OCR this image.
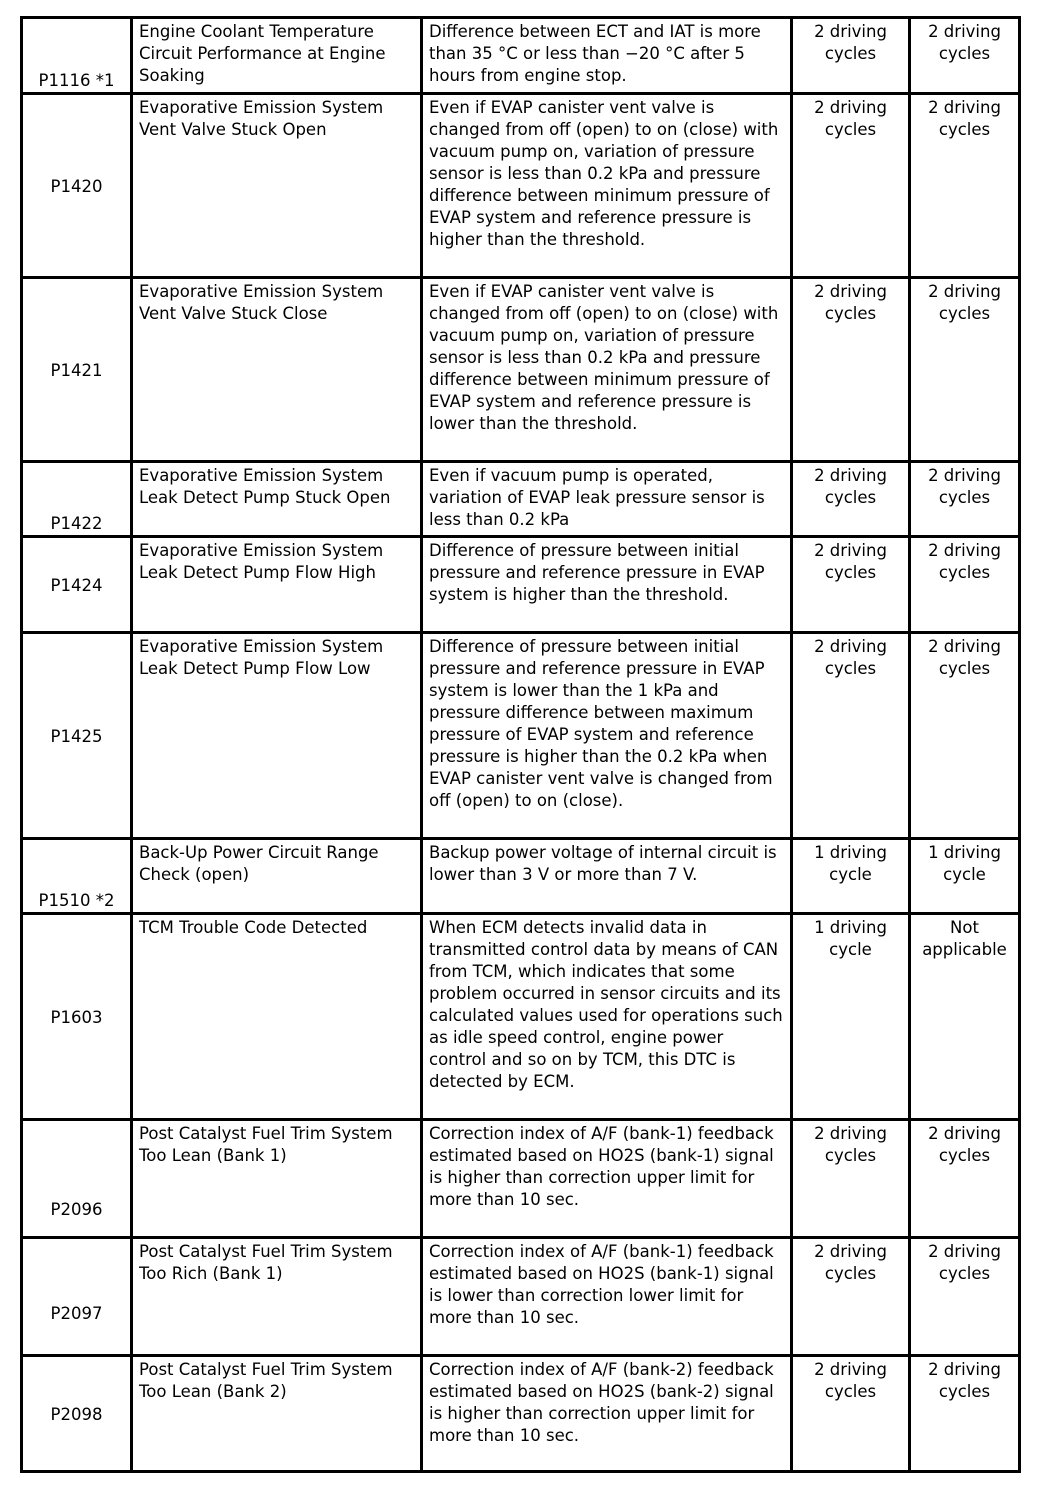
P1116 *1	Engine Coolant Temperature Circuit Performance at Engine Soaking	Difference between ECT and IAT is more than 35 °C or less than −20 °C after 5 hours from engine stop.	2 driving cycles	2 driving cycles
P1420	Evaporative Emission System Vent Valve Stuck Open	Even if EVAP canister vent valve is changed from off (open) to on (close) with vacuum pump on, variation of pressure sensor is less than 0.2 kPa and pressure difference between minimum pressure of EVAP system and reference pressure is higher than the threshold.	2 driving cycles	2 driving cycles
P1421	Evaporative Emission System Vent Valve Stuck Close	Even if EVAP canister vent valve is changed from off (open) to on (close) with vacuum pump on, variation of pressure sensor is less than 0.2 kPa and pressure difference between minimum pressure of EVAP system and reference pressure is lower than the threshold.	2 driving cycles	2 driving cycles
P1422	Evaporative Emission System Leak Detect Pump Stuck Open	Even if vacuum pump is operated, variation of EVAP leak pressure sensor is less than 0.2 kPa	2 driving cycles	2 driving cycles
P1424	Evaporative Emission System Leak Detect Pump Flow High	Difference of pressure between initial pressure and reference pressure in EVAP system is higher than the threshold.	2 driving cycles	2 driving cycles
P1425	Evaporative Emission System Leak Detect Pump Flow Low	Difference of pressure between initial pressure and reference pressure in EVAP system is lower than the 1 kPa and pressure difference between maximum pressure of EVAP system and reference pressure is higher than the 0.2 kPa when EVAP canister vent valve is changed from off (open) to on (close).	2 driving cycles	2 driving cycles
P1510 *2	Back-Up Power Circuit Range Check (open)	Backup power voltage of internal circuit is lower than 3 V or more than 7 V.	1 driving cycle	1 driving cycle
P1603	TCM Trouble Code Detected	When ECM detects invalid data in transmitted control data by means of CAN from TCM, which indicates that some problem occurred in sensor circuits and its calculated values used for operations such as idle speed control, engine power control and so on by TCM, this DTC is detected by ECM.	1 driving cycle	Not applicable
P2096	Post Catalyst Fuel Trim System Too Lean (Bank 1)	Correction index of A/F (bank-1) feedback estimated based on HO2S (bank-1) signal is higher than correction upper limit for more than 10 sec.	2 driving cycles	2 driving cycles
P2097	Post Catalyst Fuel Trim System Too Rich (Bank 1)	Correction index of A/F (bank-1) feedback estimated based on HO2S (bank-1) signal is lower than correction lower limit for more than 10 sec.	2 driving cycles	2 driving cycles
P2098	Post Catalyst Fuel Trim System Too Lean (Bank 2)	Correction index of A/F (bank-2) feedback estimated based on HO2S (bank-2) signal is higher than correction upper limit for more than 10 sec.	2 driving cycles	2 driving cycles
